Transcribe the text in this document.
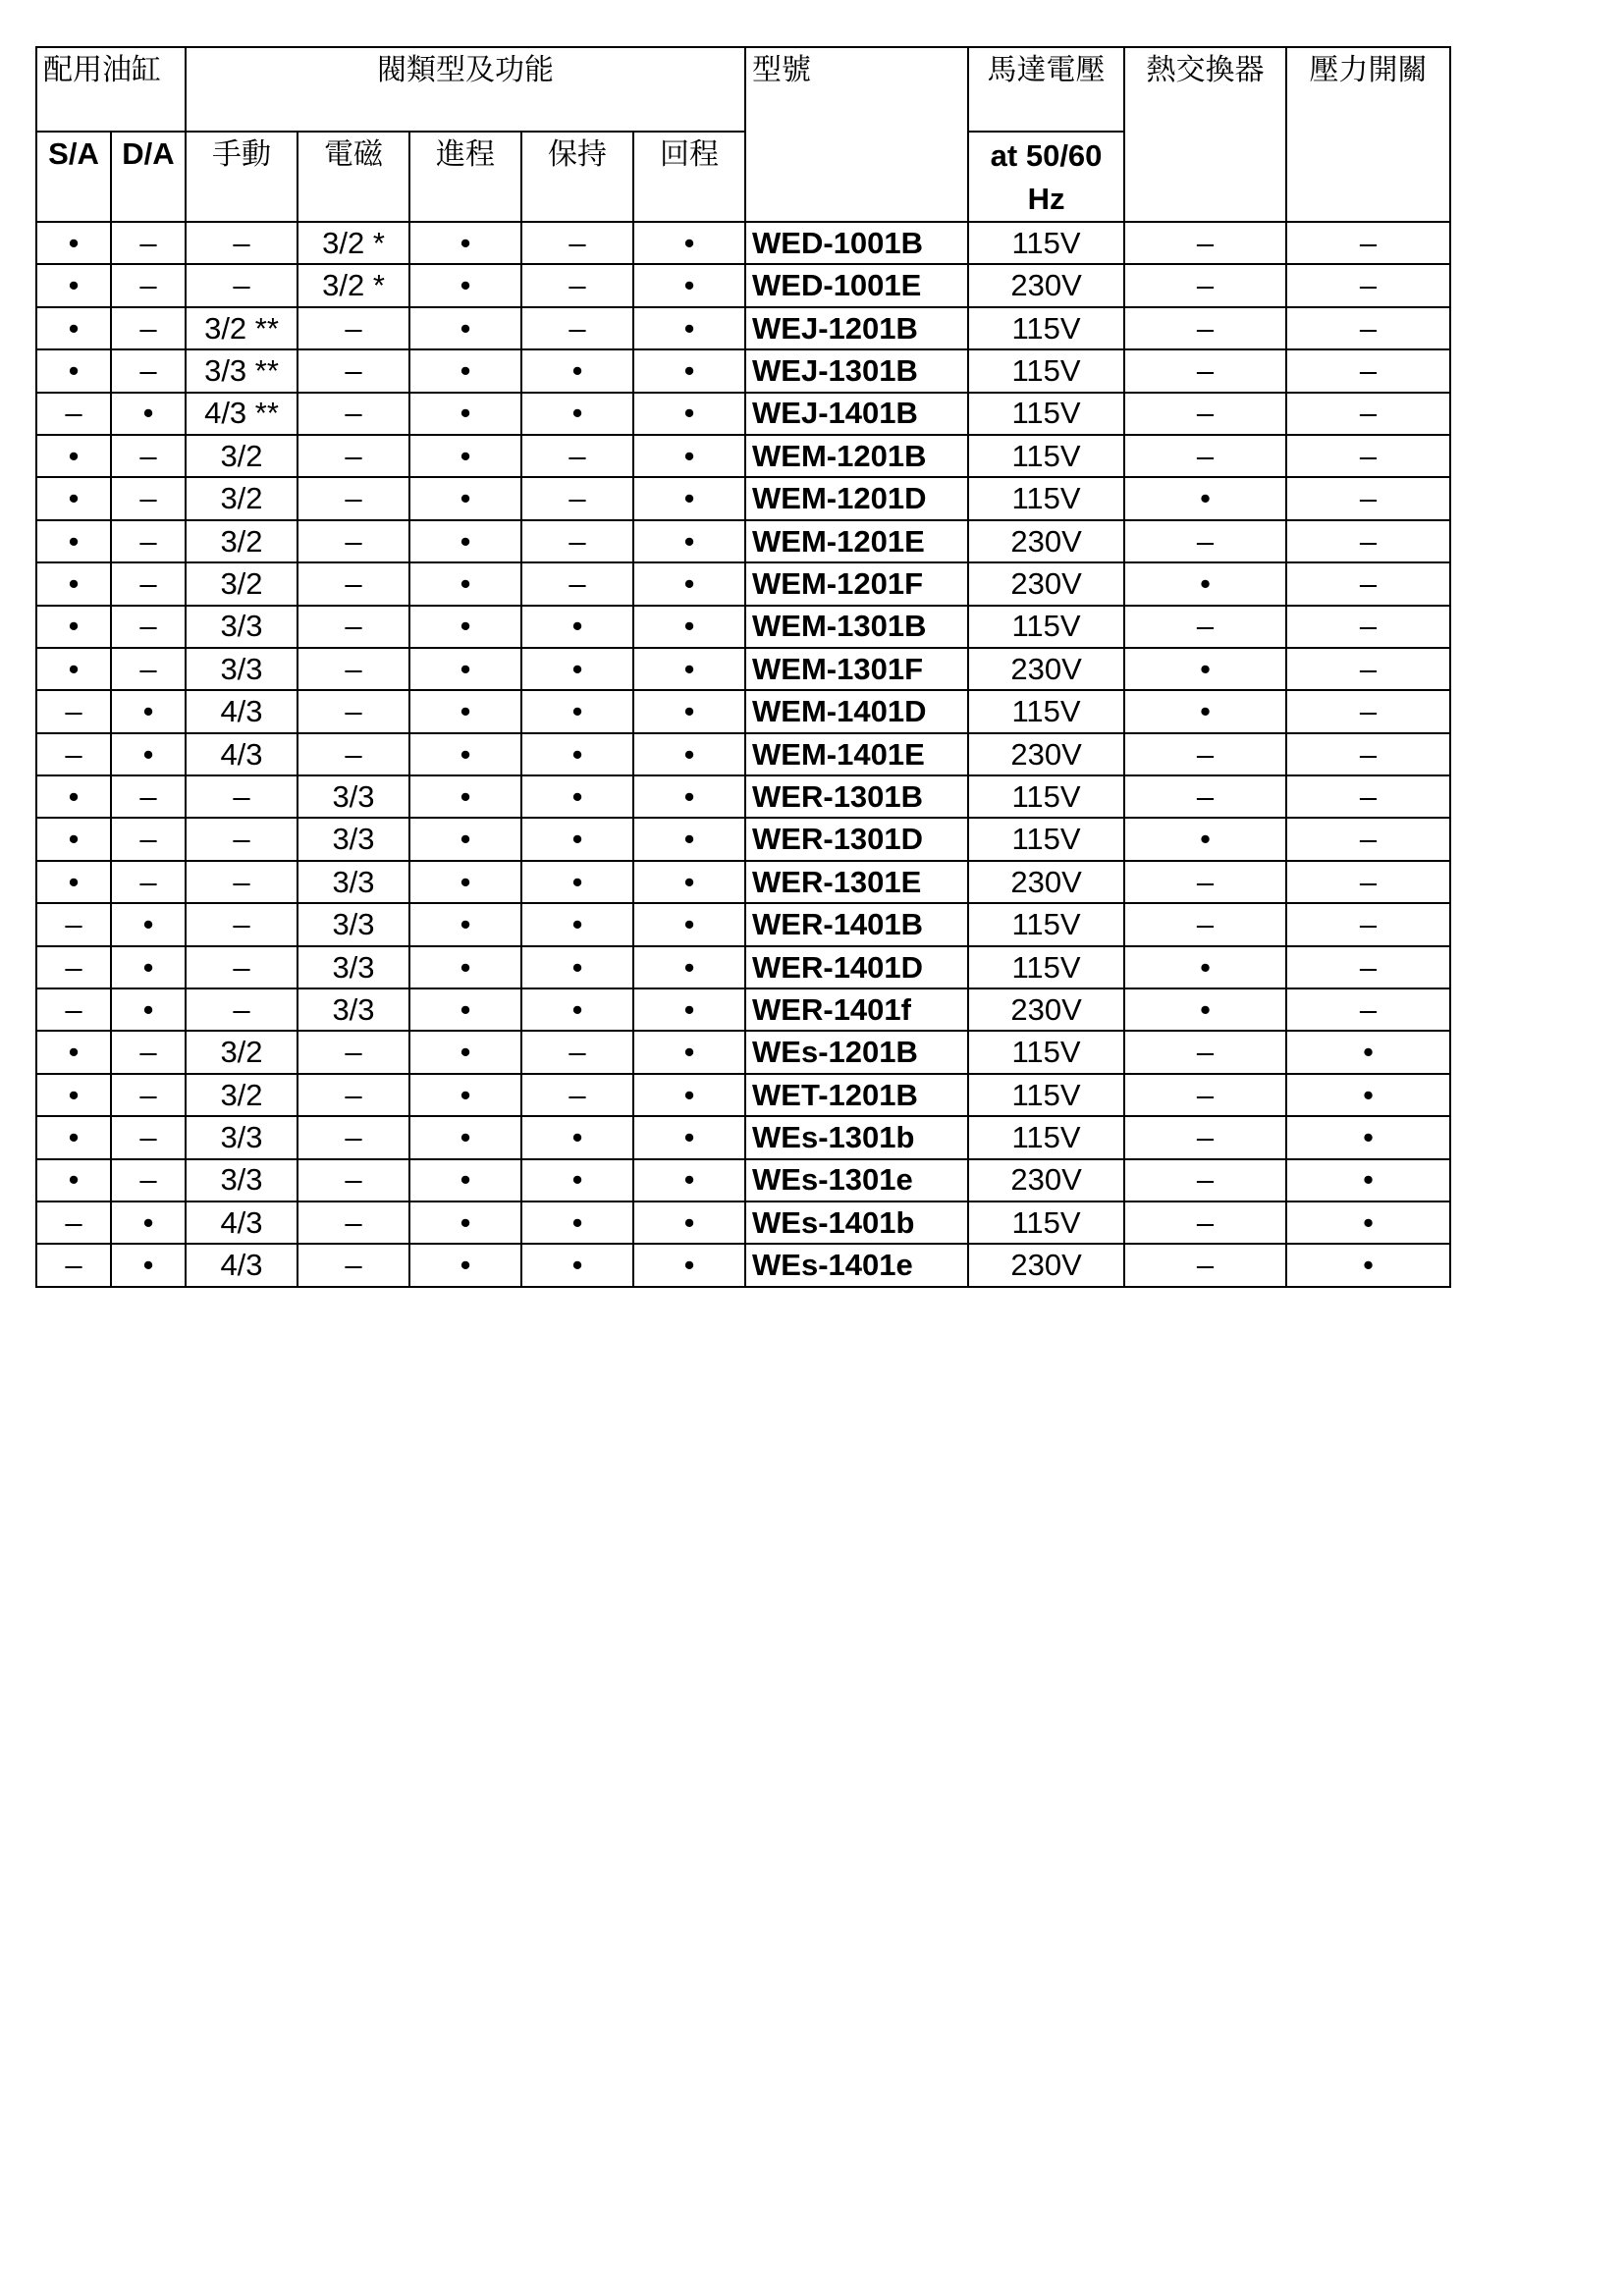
配用油缸		閥類型及功能					型號	馬達電壓	熱交換器	壓力開關
S/A	D/A	手動	電磁	進程	保持	回程		at 50/60 Hz		
•	–	–	3/2 *	•	–	•	WED-1001B	115V	–	–
•	–	–	3/2 *	•	–	•	WED-1001E	230V	–	–
•	–	3/2 **	–	•	–	•	WEJ-1201B	115V	–	–
•	–	3/3 **	–	•	•	•	WEJ-1301B	115V	–	–
–	•	4/3 **	–	•	•	•	WEJ-1401B	115V	–	–
•	–	3/2	–	•	–	•	WEM-1201B	115V	–	–
•	–	3/2	–	•	–	•	WEM-1201D	115V	•	–
•	–	3/2	–	•	–	•	WEM-1201E	230V	–	–
•	–	3/2	–	•	–	•	WEM-1201F	230V	•	–
•	–	3/3	–	•	•	•	WEM-1301B	115V	–	–
•	–	3/3	–	•	•	•	WEM-1301F	230V	•	–
–	•	4/3	–	•	•	•	WEM-1401D	115V	•	–
–	•	4/3	–	•	•	•	WEM-1401E	230V	–	–
•	–	–	3/3	•	•	•	WER-1301B	115V	–	–
•	–	–	3/3	•	•	•	WER-1301D	115V	•	–
•	–	–	3/3	•	•	•	WER-1301E	230V	–	–
–	•	–	3/3	•	•	•	WER-1401B	115V	–	–
–	•	–	3/3	•	•	•	WER-1401D	115V	•	–
–	•	–	3/3	•	•	•	WER-1401f	230V	•	–
•	–	3/2	–	•	–	•	WEs-1201B	115V	–	•
•	–	3/2	–	•	–	•	WET-1201B	115V	–	•
•	–	3/3	–	•	•	•	WEs-1301b	115V	–	•
•	–	3/3	–	•	•	•	WEs-1301e	230V	–	•
–	•	4/3	–	•	•	•	WEs-1401b	115V	–	•
–	•	4/3	–	•	•	•	WEs-1401e	230V	–	•
